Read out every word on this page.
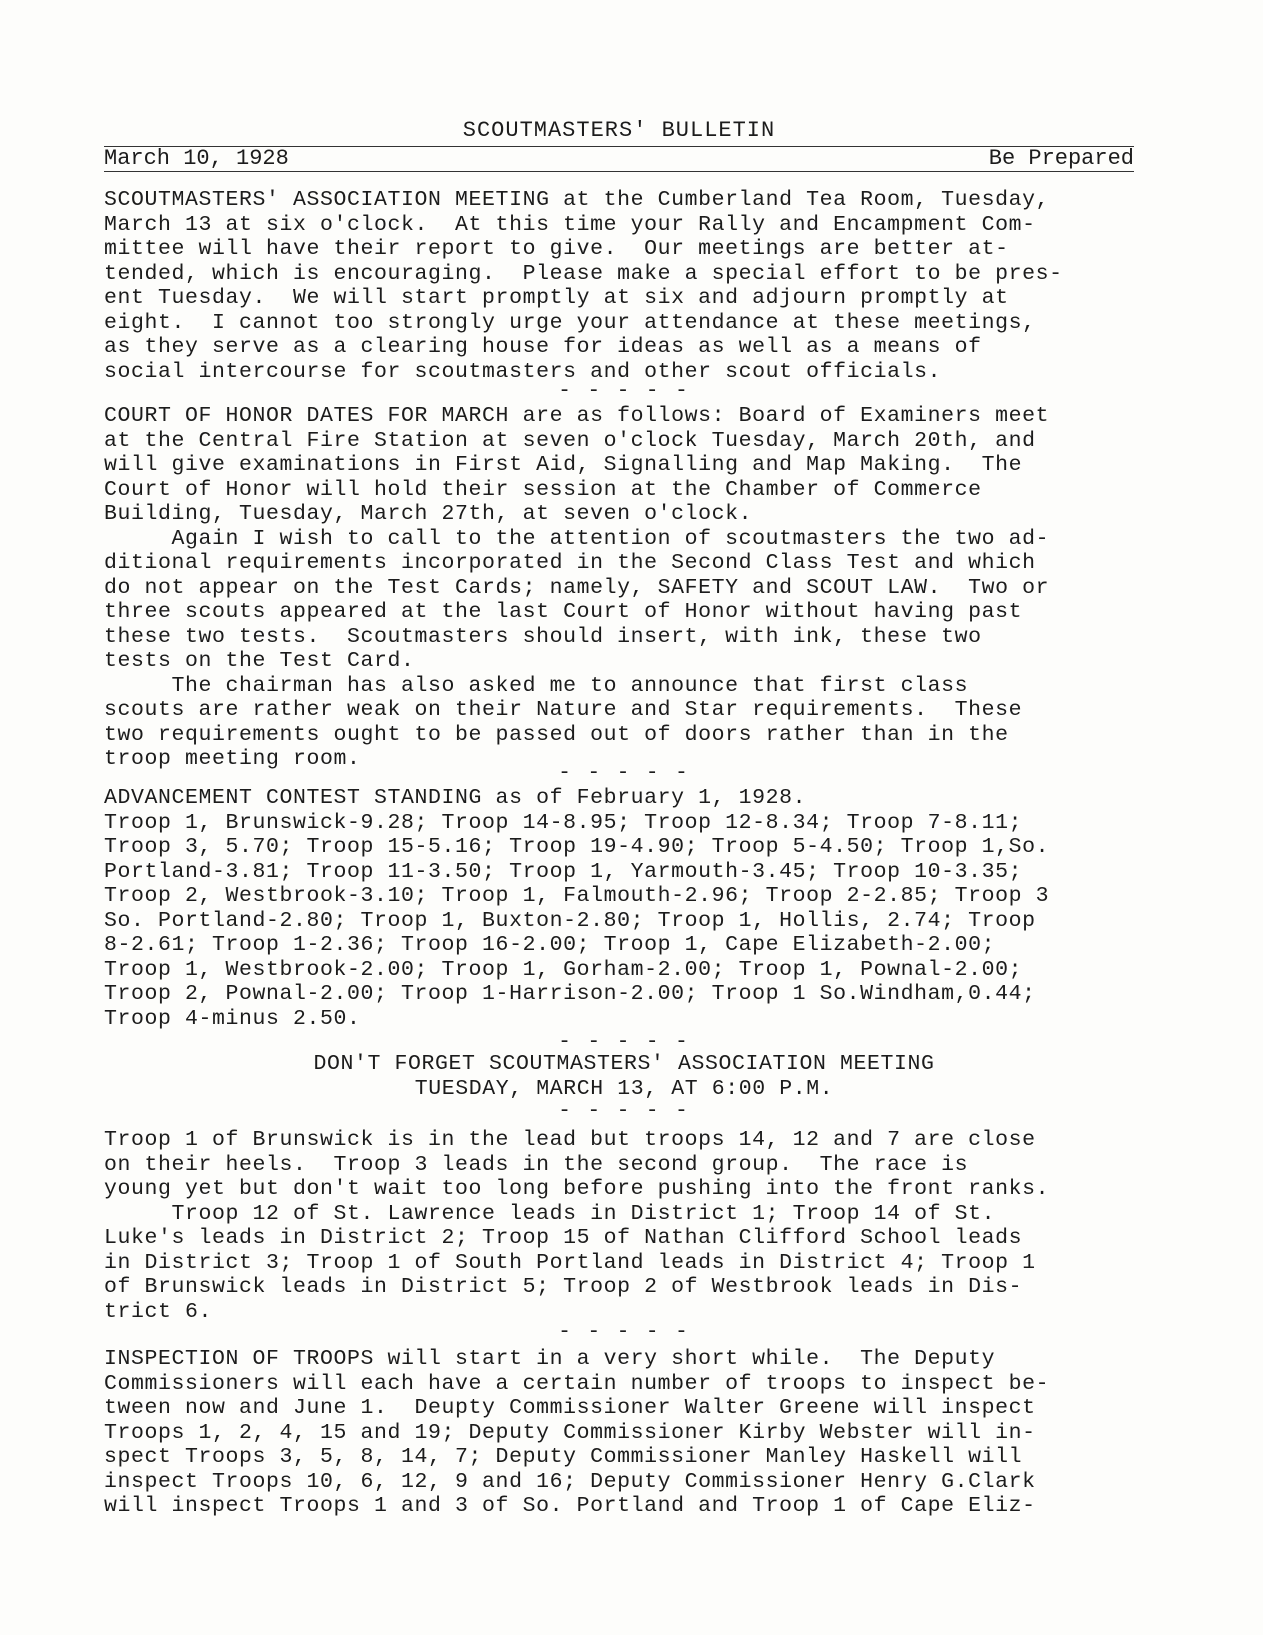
SCOUTMASTERS' BULLETIN
March 10, 1928	Be Prepared

SCOUTMASTERS' ASSOCIATION MEETING at the Cumberland Tea Room, Tuesday,
March 13 at six o'clock.  At this time your Rally and Encampment Com-
mittee will have their report to give.  Our meetings are better at-
tended, which is encouraging.  Please make a special effort to be pres-
ent Tuesday.  We will start promptly at six and adjourn promptly at
eight.  I cannot too strongly urge your attendance at these meetings,
as they serve as a clearing house for ideas as well as a means of
social intercourse for scoutmasters and other scout officials.

- - - - -

COURT OF HONOR DATES FOR MARCH are as follows: Board of Examiners meet
at the Central Fire Station at seven o'clock Tuesday, March 20th, and
will give examinations in First Aid, Signalling and Map Making.  The
Court of Honor will hold their session at the Chamber of Commerce
Building, Tuesday, March 27th, at seven o'clock.
Again I wish to call to the attention of scoutmasters the two ad-
ditional requirements incorporated in the Second Class Test and which
do not appear on the Test Cards; namely, SAFETY and SCOUT LAW.  Two or
three scouts appeared at the last Court of Honor without having past
these two tests.  Scoutmasters should insert, with ink, these two
tests on the Test Card.
The chairman has also asked me to announce that first class
scouts are rather weak on their Nature and Star requirements.  These
two requirements ought to be passed out of doors rather than in the
troop meeting room.

- - - - -

ADVANCEMENT CONTEST STANDING as of February 1, 1928.
Troop 1, Brunswick-9.28; Troop 14-8.95; Troop 12-8.34; Troop 7-8.11;
Troop 3, 5.70; Troop 15-5.16; Troop 19-4.90; Troop 5-4.50; Troop 1,So.
Portland-3.81; Troop 11-3.50; Troop 1, Yarmouth-3.45; Troop 10-3.35;
Troop 2, Westbrook-3.10; Troop 1, Falmouth-2.96; Troop 2-2.85; Troop 3
So. Portland-2.80; Troop 1, Buxton-2.80; Troop 1, Hollis, 2.74; Troop
8-2.61; Troop 1-2.36; Troop 16-2.00; Troop 1, Cape Elizabeth-2.00;
Troop 1, Westbrook-2.00; Troop 1, Gorham-2.00; Troop 1, Pownal-2.00;
Troop 2, Pownal-2.00; Troop 1-Harrison-2.00; Troop 1 So.Windham,0.44;
Troop 4-minus 2.50.

- - - - -
DON'T FORGET SCOUTMASTERS' ASSOCIATION MEETING
TUESDAY, MARCH 13, AT 6:00 P.M.
- - - - -

Troop 1 of Brunswick is in the lead but troops 14, 12 and 7 are close
on their heels.  Troop 3 leads in the second group.  The race is
young yet but don't wait too long before pushing into the front ranks.
Troop 12 of St. Lawrence leads in District 1; Troop 14 of St.
Luke's leads in District 2; Troop 15 of Nathan Clifford School leads
in District 3; Troop 1 of South Portland leads in District 4; Troop 1
of Brunswick leads in District 5; Troop 2 of Westbrook leads in Dis-
trict 6.

- - - - -

INSPECTION OF TROOPS will start in a very short while.  The Deputy
Commissioners will each have a certain number of troops to inspect be-
tween now and June 1.  Deupty Commissioner Walter Greene will inspect
Troops 1, 2, 4, 15 and 19; Deputy Commissioner Kirby Webster will in-
spect Troops 3, 5, 8, 14, 7; Deputy Commissioner Manley Haskell will
inspect Troops 10, 6, 12, 9 and 16; Deputy Commissioner Henry G.Clark
will inspect Troops 1 and 3 of So. Portland and Troop 1 of Cape Eliz-
